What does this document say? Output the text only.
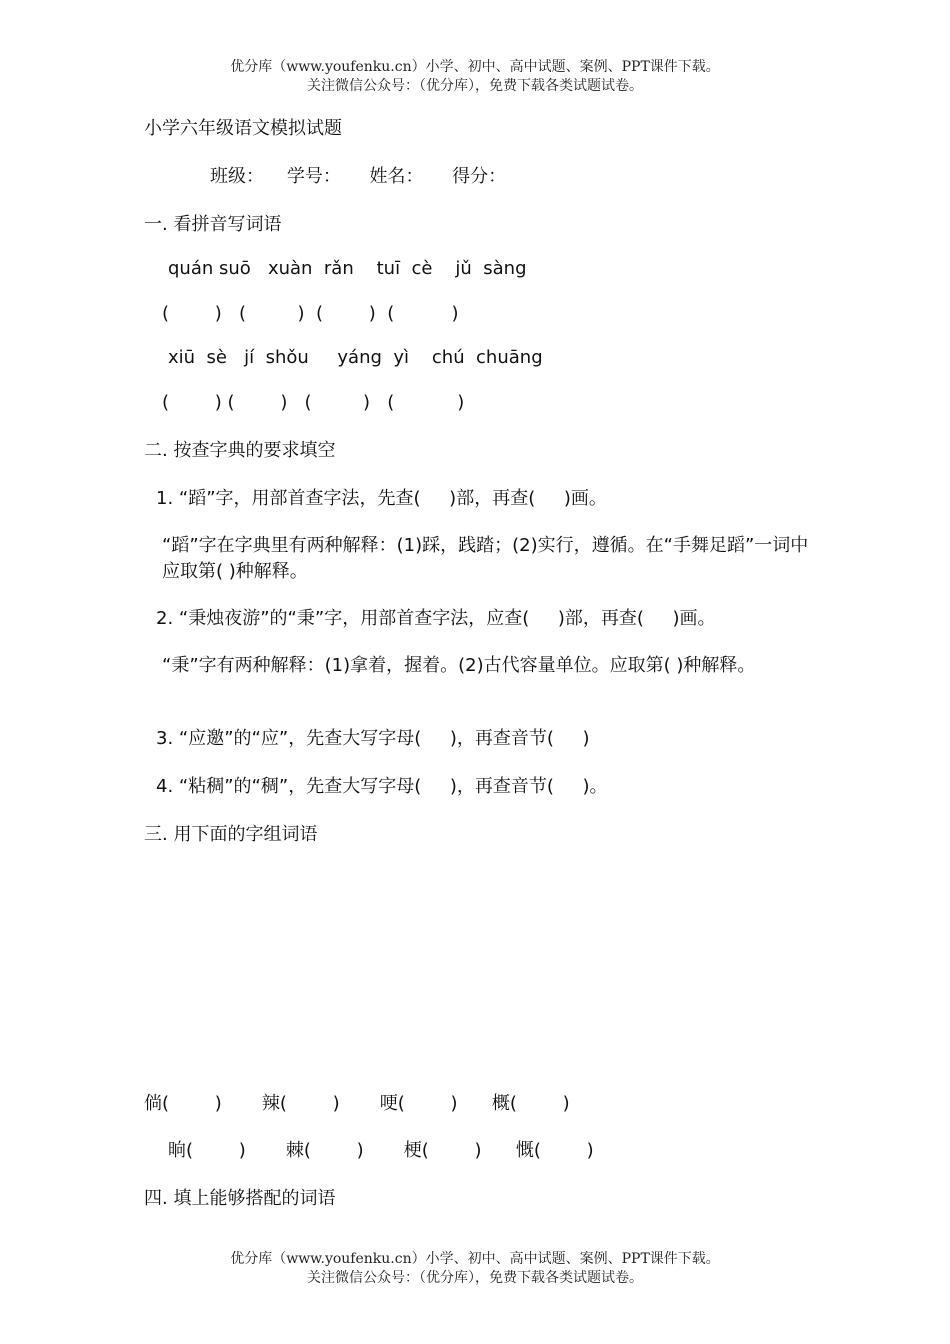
优分库（www.youfenku.cn）小学、初中、高中试题、案例、PPT课件下载。
关注微信公众号：（优分库），免费下载各类试题试卷。
小学六年级语文模拟试题
班级：    学号：     姓名：     得分：
一. 看拼音写词语
quán suō   xuàn  rǎn    tuī  cè    jǔ  sàng
(        )   (         )  (        )  (          )
xiū  sè   jí  shǒu     yáng  yì    chú  chuāng
(        ) (        )   (         )   (           )
二. 按查字典的要求填空
1. “蹈”字，用部首查字法，先查(     )部，再查(     )画。
“蹈”字在字典里有两种解释：(1)踩，践踏；(2)实行，遵循。在“手舞足蹈”一词中应取第( )种解释。
2. “秉烛夜游”的“秉”字，用部首查字法，应查(     )部，再查(     )画。
“秉”字有两种解释：(1)拿着，握着。(2)古代容量单位。应取第( )种解释。
3. “应邀”的“应”，先查大写字母(     )，再查音节(     )
4. “粘稠”的“稠”，先查大写字母(     )，再查音节(     )。
三. 用下面的字组词语
倘(        )       辣(        )       哽(        )      概(        )
晌(        )       棘(        )       梗(        )      慨(        )
四. 填上能够搭配的词语
优分库（www.youfenku.cn）小学、初中、高中试题、案例、PPT课件下载。
关注微信公众号：（优分库），免费下载各类试题试卷。
